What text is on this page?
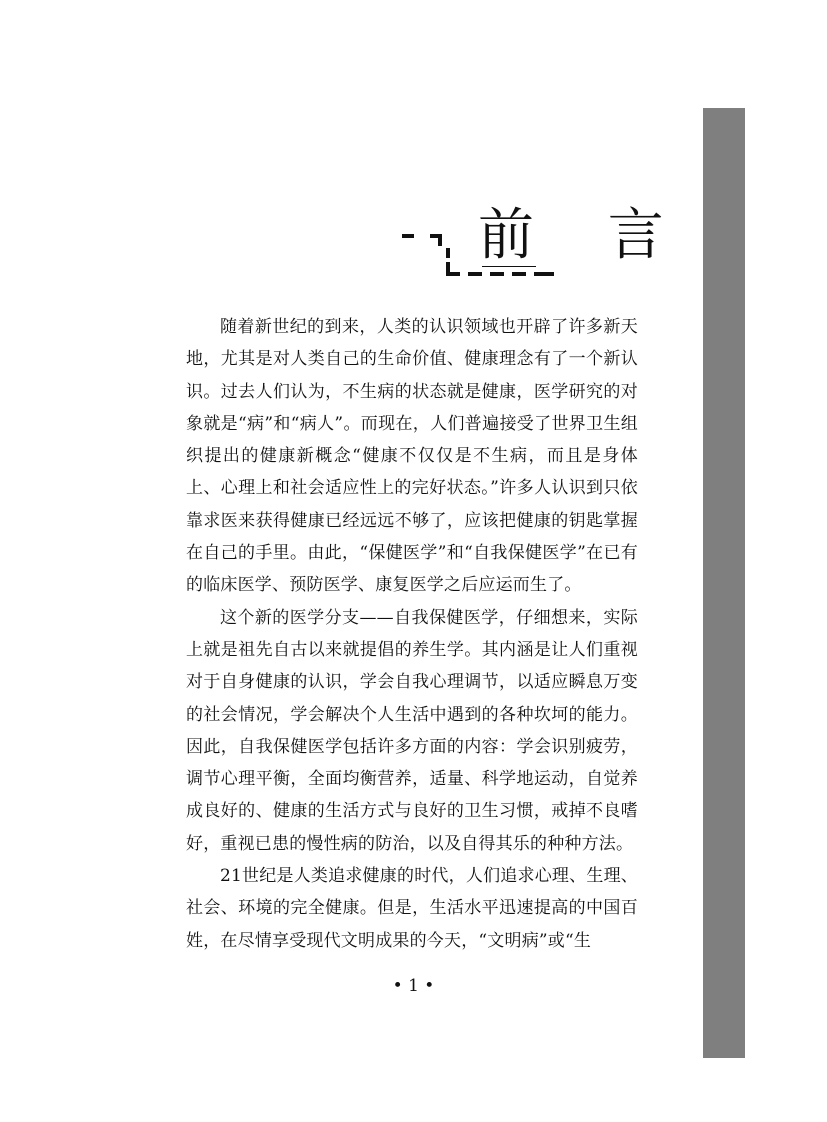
前 言

随着新世纪的到来，人类的认识领域也开辟了许多新天地，尤其是对人类自己的生命价值、健康理念有了一个新认识。过去人们认为，不生病的状态就是健康，医学研究的对象就是“病”和“病人”。而现在，人们普遍接受了世界卫生组织提出的健康新概念“健康不仅仅是不生病，而且是身体上、心理上和社会适应性上的完好状态。”许多人认识到只依靠求医来获得健康已经远远不够了，应该把健康的钥匙掌握在自己的手里。由此，“保健医学”和“自我保健医学”在已有的临床医学、预防医学、康复医学之后应运而生了。

这个新的医学分支——自我保健医学，仔细想来，实际上就是祖先自古以来就提倡的养生学。其内涵是让人们重视对于自身健康的认识，学会自我心理调节，以适应瞬息万变的社会情况，学会解决个人生活中遇到的各种坎坷的能力。因此，自我保健医学包括许多方面的内容：学会识别疲劳，调节心理平衡，全面均衡营养，适量、科学地运动，自觉养成良好的、健康的生活方式与良好的卫生习惯，戒掉不良嗜好，重视已患的慢性病的防治，以及自得其乐的种种方法。

21世纪是人类追求健康的时代，人们追求心理、生理、社会、环境的完全健康。但是，生活水平迅速提高的中国百姓，在尽情享受现代文明成果的今天，“文明病”或“生

• 1 •
